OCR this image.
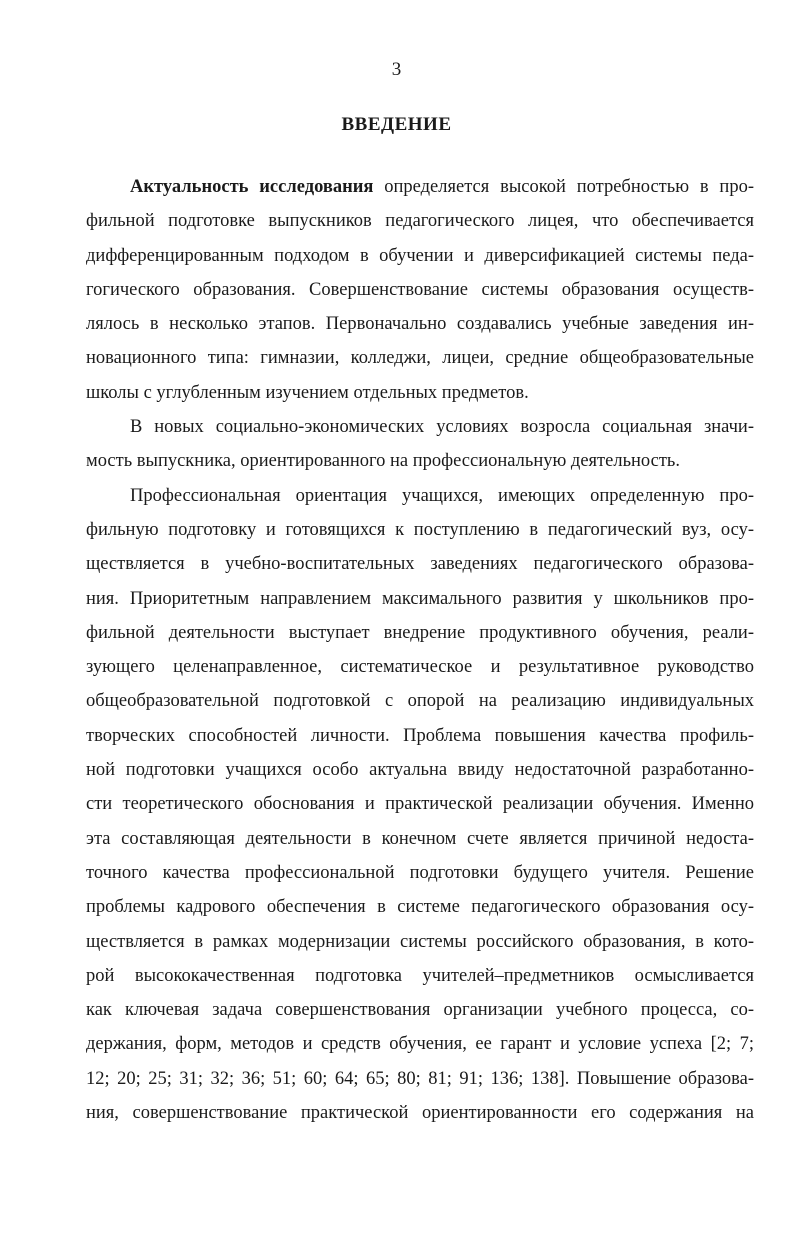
3
ВВЕДЕНИЕ
Актуальность исследования определяется высокой потребностью в про-
фильной подготовке выпускников педагогического лицея, что обеспечивается
дифференцированным подходом в обучении и диверсификацией системы педа-
гогического образования. Совершенствование системы образования осуществ-
лялось в несколько этапов. Первоначально создавались учебные заведения ин-
новационного типа: гимназии, колледжи, лицеи, средние общеобразовательные
школы с углубленным изучением отдельных предметов.
В новых социально-экономических условиях возросла социальная значи-
мость выпускника, ориентированного на профессиональную деятельность.
Профессиональная ориентация учащихся, имеющих определенную про-
фильную подготовку и готовящихся к поступлению в педагогический вуз, осу-
ществляется в учебно-воспитательных заведениях педагогического образова-
ния. Приоритетным направлением максимального развития у школьников про-
фильной деятельности выступает внедрение продуктивного обучения, реали-
зующего целенаправленное, систематическое и результативное руководство
общеобразовательной подготовкой с опорой на реализацию индивидуальных
творческих способностей личности. Проблема повышения качества профиль-
ной подготовки учащихся особо актуальна ввиду недостаточной разработанно-
сти теоретического обоснования и практической реализации обучения. Именно
эта составляющая деятельности в конечном счете является причиной недоста-
точного качества профессиональной подготовки будущего учителя. Решение
проблемы кадрового обеспечения в системе педагогического образования осу-
ществляется в рамках модернизации системы российского образования, в кото-
рой высококачественная подготовка учителей–предметников осмысливается
как ключевая задача совершенствования организации учебного процесса, со-
держания, форм, методов и средств обучения, ее гарант и условие успеха [2; 7;
12; 20; 25; 31; 32; 36; 51; 60; 64; 65; 80; 81; 91; 136; 138]. Повышение образова-
ния, совершенствование практической ориентированности его содержания на
